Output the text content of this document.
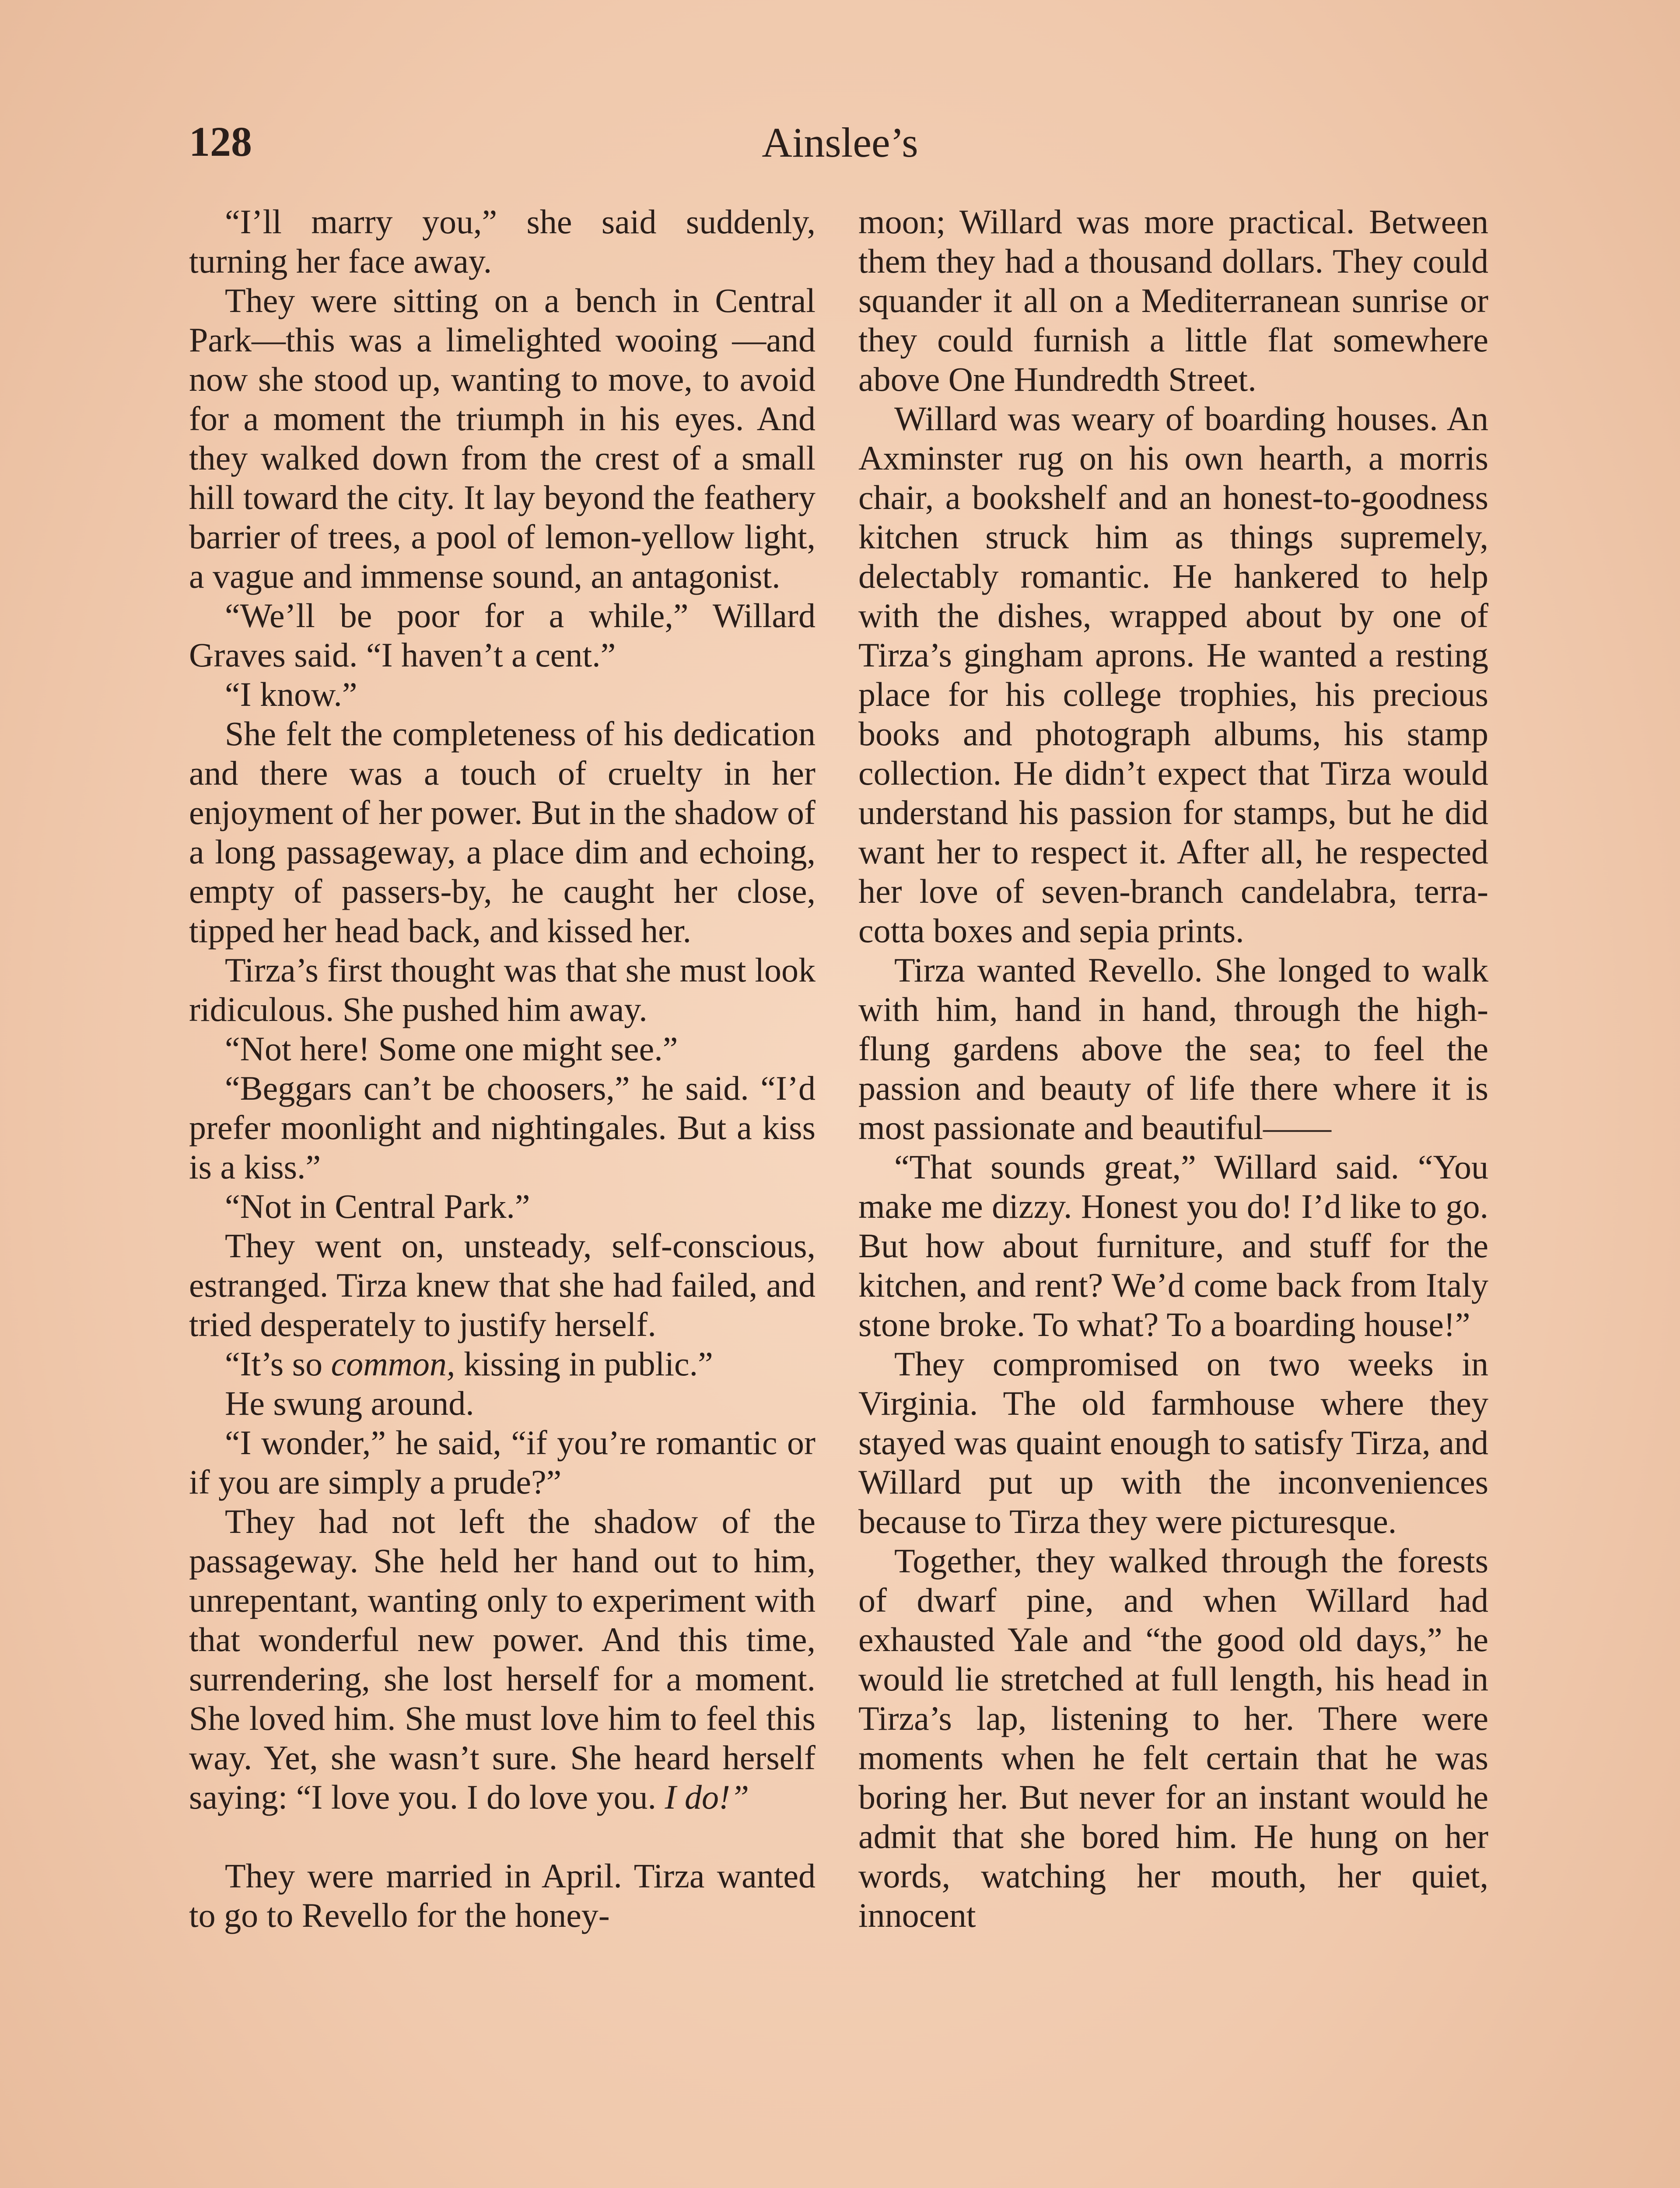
128	Ainslee’s

“I’ll marry you,” she said suddenly, turning her face away.

They were sitting on a bench in Central Park—this was a limelighted wooing —and now she stood up, wanting to move, to avoid for a moment the triumph in his eyes. And they walked down from the crest of a small hill toward the city. It lay beyond the feathery barrier of trees, a pool of lemon-yellow light, a vague and immense sound, an antagonist.

“We’ll be poor for a while,” Willard Graves said. “I haven’t a cent.”

“I know.”

She felt the completeness of his dedication and there was a touch of cruelty in her enjoyment of her power. But in the shadow of a long passageway, a place dim and echoing, empty of passers-by, he caught her close, tipped her head back, and kissed her.

Tirza’s first thought was that she must look ridiculous. She pushed him away.

“Not here! Some one might see.”

“Beggars can’t be choosers,” he said. “I’d prefer moonlight and nightingales. But a kiss is a kiss.”

“Not in Central Park.”

They went on, unsteady, self-conscious, estranged. Tirza knew that she had failed, and tried desperately to justify herself.

“It’s so common, kissing in public.”

He swung around.

“I wonder,” he said, “if you’re romantic or if you are simply a prude?”

They had not left the shadow of the passageway. She held her hand out to him, unrepentant, wanting only to experiment with that wonderful new power. And this time, surrendering, she lost herself for a moment. She loved him. She must love him to feel this way. Yet, she wasn’t sure. She heard herself saying: “I love you. I do love you. I do!”

They were married in April. Tirza wanted to go to Revello for the honey-

moon; Willard was more practical. Between them they had a thousand dollars. They could squander it all on a Mediterranean sunrise or they could furnish a little flat somewhere above One Hundredth Street.

Willard was weary of boarding houses. An Axminster rug on his own hearth, a morris chair, a bookshelf and an honest-to-goodness kitchen struck him as things supremely, delectably romantic. He hankered to help with the dishes, wrapped about by one of Tirza’s gingham aprons. He wanted a resting place for his college trophies, his precious books and photograph albums, his stamp collection. He didn’t expect that Tirza would understand his passion for stamps, but he did want her to respect it. After all, he respected her love of seven-branch candelabra, terra-cotta boxes and sepia prints.

Tirza wanted Revello. She longed to walk with him, hand in hand, through the high-flung gardens above the sea; to feel the passion and beauty of life there where it is most passionate and beautiful——

“That sounds great,” Willard said. “You make me dizzy. Honest you do! I’d like to go. But how about furniture, and stuff for the kitchen, and rent? We’d come back from Italy stone broke. To what? To a boarding house!”

They compromised on two weeks in Virginia. The old farmhouse where they stayed was quaint enough to satisfy Tirza, and Willard put up with the inconveniences because to Tirza they were picturesque.

Together, they walked through the forests of dwarf pine, and when Willard had exhausted Yale and “the good old days,” he would lie stretched at full length, his head in Tirza’s lap, listening to her. There were moments when he felt certain that he was boring her. But never for an instant would he admit that she bored him. He hung on her words, watching her mouth, her quiet, innocent
